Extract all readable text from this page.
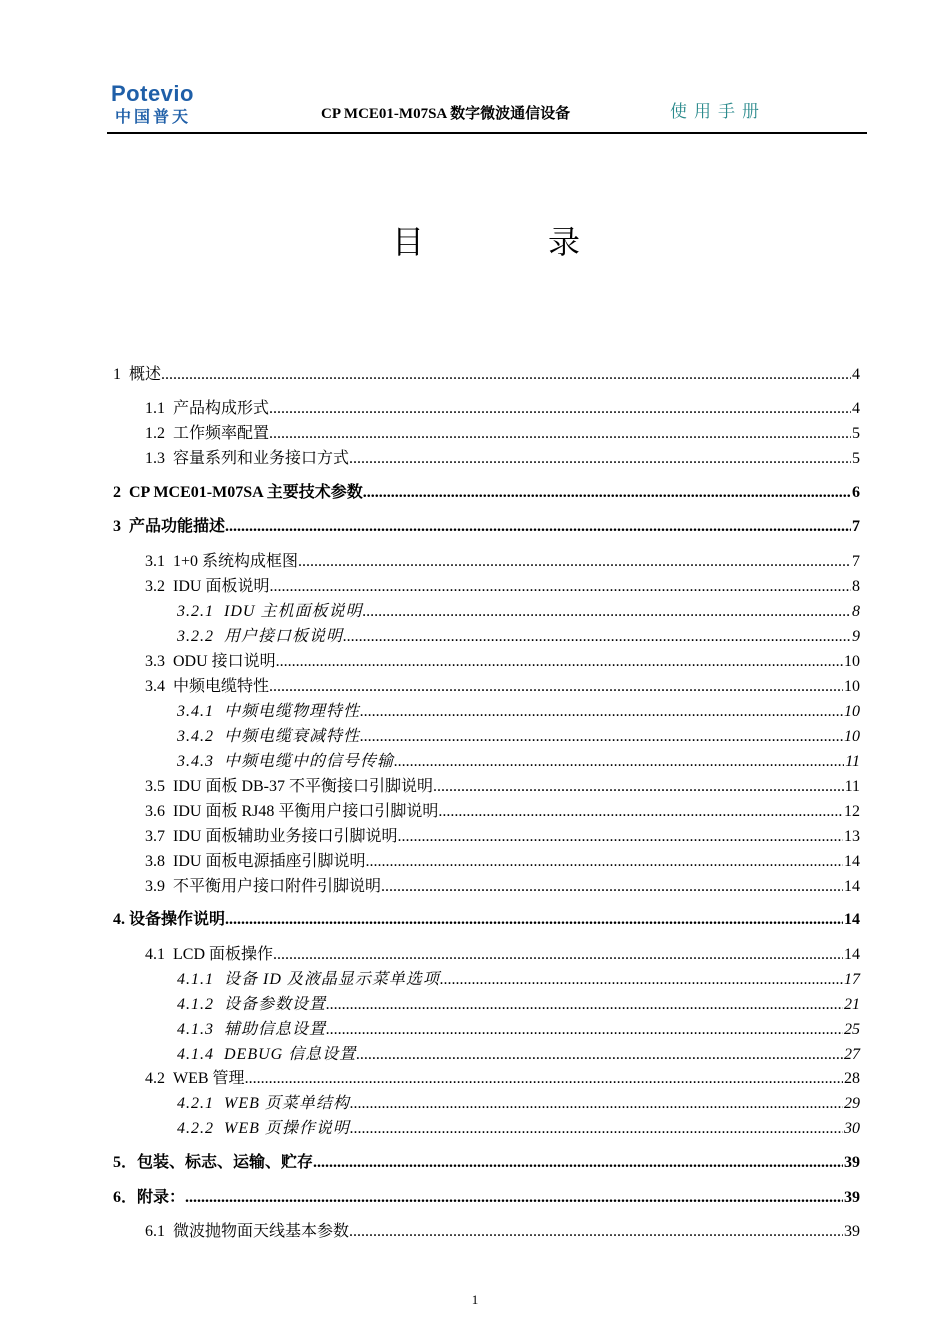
Potevio
中国普天	CP MCE01-M07SA 数字微波通信设备	使用手册
目	录
1 概述 .....	4
1.1 产品构成形式 .....	4
1.2 工作频率配置 .....	5
1.3 容量系列和业务接口方式 .....	5
2 CP MCE01-M07SA 主要技术参数 .....	6
3 产品功能描述 .....	7
3.1 1+0 系统构成框图 .....	7
3.2 IDU 面板说明 .....	8
3.2.1 IDU 主机面板说明 .....	8
3.2.2 用户接口板说明 .....	9
3.3 ODU 接口说明 .....	10
3.4 中频电缆特性 .....	10
3.4.1 中频电缆物理特性 .....	10
3.4.2 中频电缆衰减特性 .....	10
3.4.3 中频电缆中的信号传输 .....	11
3.5 IDU 面板 DB-37 不平衡接口引脚说明 .....	11
3.6 IDU 面板 RJ48 平衡用户接口引脚说明 .....	12
3.7 IDU 面板辅助业务接口引脚说明 .....	13
3.8 IDU 面板电源插座引脚说明 .....	14
3.9 不平衡用户接口附件引脚说明 .....	14
4. 设备操作说明 .....	14
4.1 LCD 面板操作 .....	14
4.1.1 设备 ID 及液晶显示菜单选项 .....	17
4.1.2 设备参数设置 .....	21
4.1.3 辅助信息设置 .....	25
4.1.4 DEBUG 信息设置 .....	27
4.2 WEB 管理 .....	28
4.2.1 WEB 页菜单结构 .....	29
4.2.2 WEB 页操作说明 .....	30
5． 包装、标志、运输、贮存 .....	39
6． 附录： .....	39
6.1 微波抛物面天线基本参数 .....	39
1
